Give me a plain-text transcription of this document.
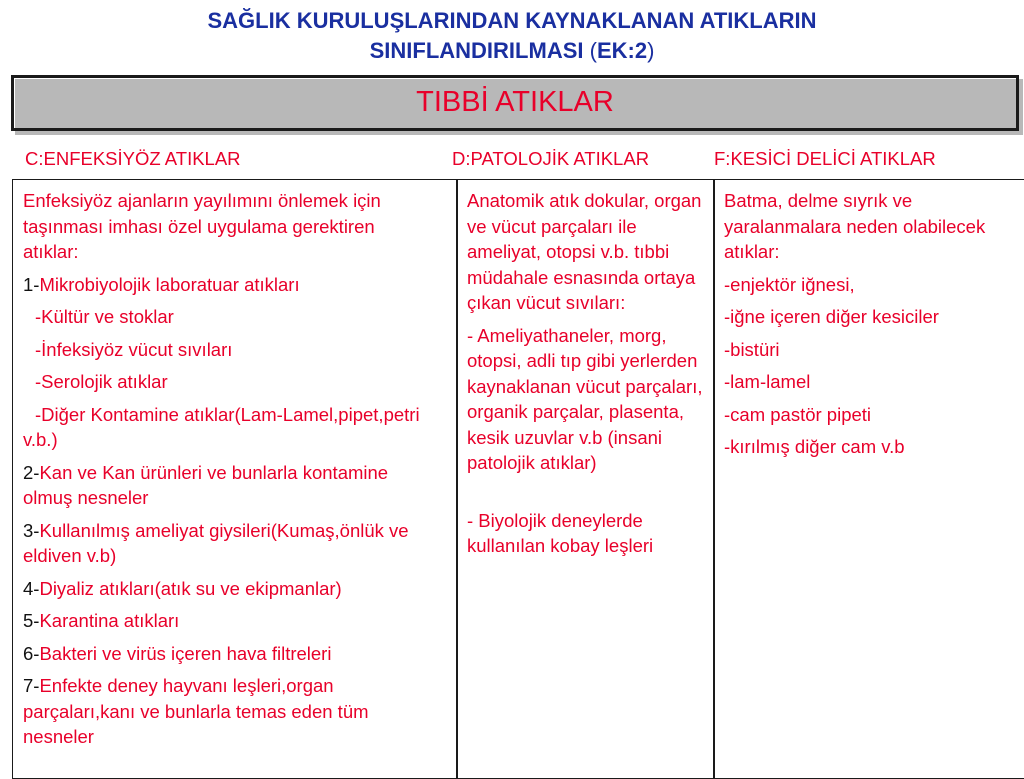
SAĞLIK KURULUŞLARINDAN KAYNAKLANAN ATIKLARIN
SINIFLANDIRILMASI (EK:2)
TIBBİ ATIKLAR
C:ENFEKSİYÖZ ATIKLAR	D:PATOLOJİK ATIKLAR	F:KESİCİ DELİCİ ATIKLAR

Enfeksiyöz ajanların yayılımını önlemek için taşınması imhası özel uygulama gerektiren atıklar:

1-Mikrobiyolojik laboratuar atıkları

-Kültür ve stoklar

-İnfeksiyöz vücut sıvıları

-Serolojik atıklar

-Diğer Kontamine atıklar(Lam-Lamel,pipet,petri v.b.)

2-Kan ve Kan ürünleri ve bunlarla kontamine olmuş nesneler

3-Kullanılmış ameliyat giysileri(Kumaş,önlük ve eldiven v.b)

4-Diyaliz atıkları(atık su ve ekipmanlar)

5-Karantina atıkları

6-Bakteri ve virüs içeren hava filtreleri

7-Enfekte deney hayvanı leşleri,organ parçaları,kanı ve bunlarla temas eden tüm nesneler

Anatomik atık dokular, organ ve vücut parçaları ile ameliyat, otopsi v.b. tıbbi müdahale esnasında ortaya çıkan vücut sıvıları:

- Ameliyathaneler, morg, otopsi, adli tıp gibi yerlerden kaynaklanan vücut parçaları, organik parçalar, plasenta, kesik uzuvlar v.b (insani patolojik atıklar)

- Biyolojik deneylerde kullanılan kobay leşleri

Batma, delme sıyrık ve yaralanmalara neden olabilecek atıklar:

-enjektör iğnesi,

-iğne içeren diğer kesiciler

-bistüri

-lam-lamel

-cam pastör pipeti

-kırılmış diğer cam v.b
